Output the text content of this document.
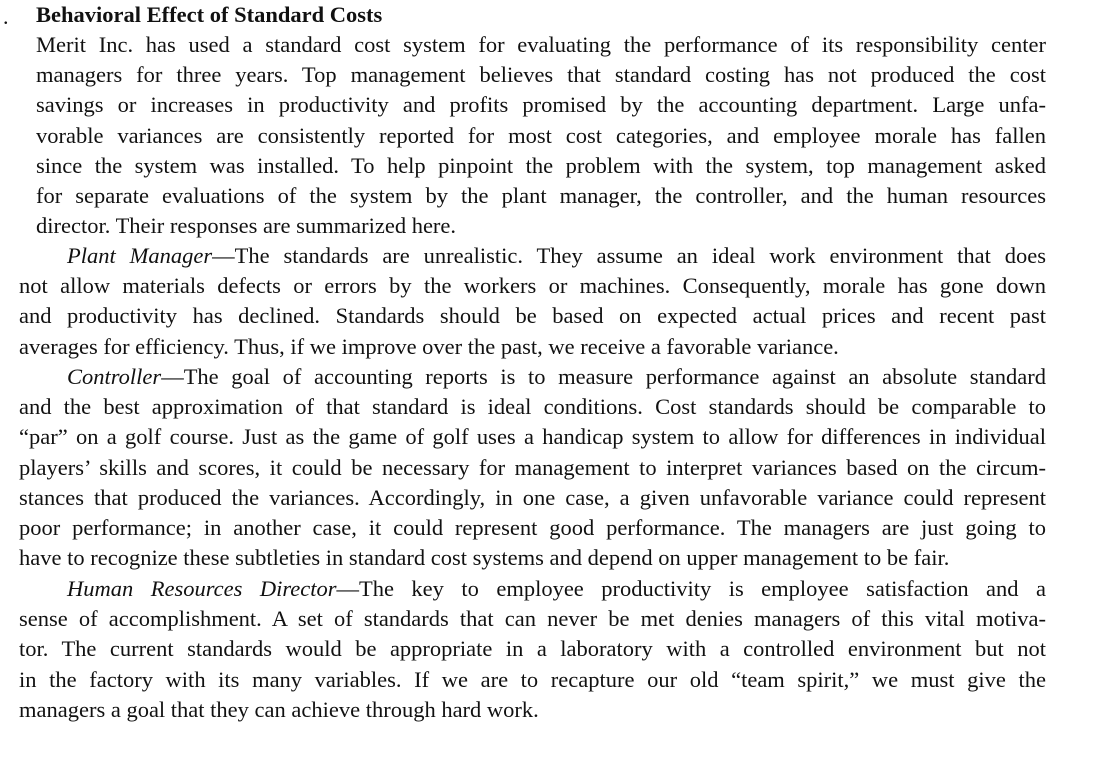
. Behavioral Effect of Standard Costs
Merit Inc. has used a standard cost system for evaluating the performance of its responsibility center
managers for three years. Top management believes that standard costing has not produced the cost
savings or increases in productivity and profits promised by the accounting department. Large unfa-
vorable variances are consistently reported for most cost categories, and employee morale has fallen
since the system was installed. To help pinpoint the problem with the system, top management asked
for separate evaluations of the system by the plant manager, the controller, and the human resources
director. Their responses are summarized here.
Plant Manager—The standards are unrealistic. They assume an ideal work environment that does
not allow materials defects or errors by the workers or machines. Consequently, morale has gone down
and productivity has declined. Standards should be based on expected actual prices and recent past
averages for efficiency. Thus, if we improve over the past, we receive a favorable variance.
Controller—The goal of accounting reports is to measure performance against an absolute standard
and the best approximation of that standard is ideal conditions. Cost standards should be comparable to
“par” on a golf course. Just as the game of golf uses a handicap system to allow for differences in individual
players’ skills and scores, it could be necessary for management to interpret variances based on the circum-
stances that produced the variances. Accordingly, in one case, a given unfavorable variance could represent
poor performance; in another case, it could represent good performance. The managers are just going to
have to recognize these subtleties in standard cost systems and depend on upper management to be fair.
Human Resources Director—The key to employee productivity is employee satisfaction and a
sense of accomplishment. A set of standards that can never be met denies managers of this vital motiva-
tor. The current standards would be appropriate in a laboratory with a controlled environment but not
in the factory with its many variables. If we are to recapture our old “team spirit,” we must give the
managers a goal that they can achieve through hard work.
